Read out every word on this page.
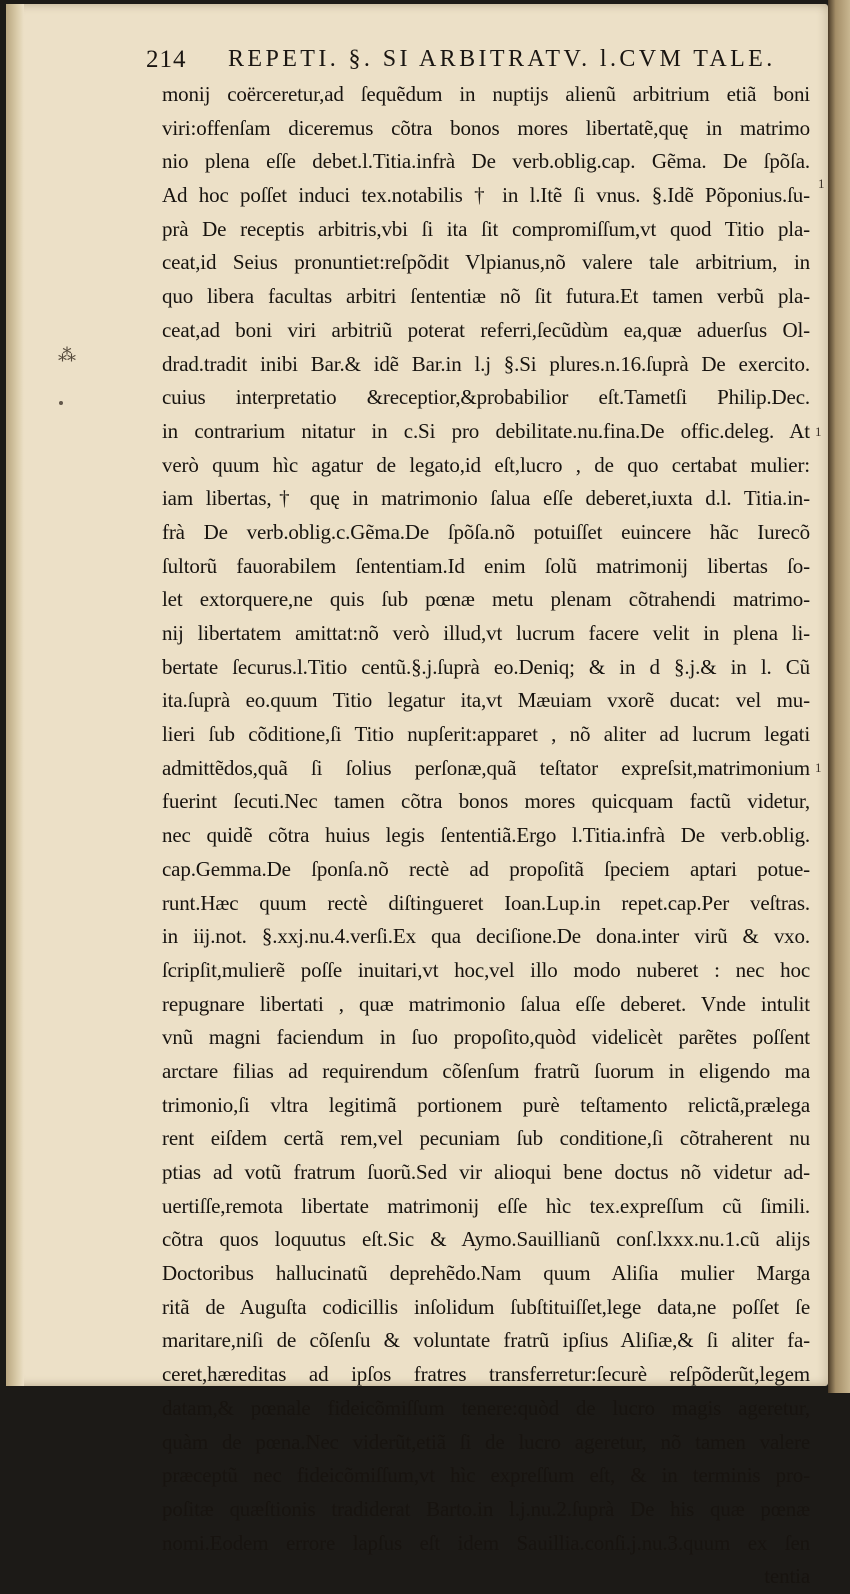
214 REPETI. §. SI ARBITRATV. l.CVM TALE.
monij coërceretur,ad ſequẽdum in nuptijs alienũ arbitrium etiã boni
viri:offenſam diceremus cõtra bonos mores libertatẽ,quę in matrimo
nio plena eſſe debet.l.Titia.infrà De verb.oblig.cap. Gẽma. De ſpõſa.
Ad hoc poſſet induci tex.notabilis † in l.Itẽ ſi vnus. §.Idẽ Põponius.ſu-
prà De receptis arbitris,vbi ſi ita ſit compromiſſum,vt quod Titio pla-
ceat,id Seius pronuntiet:reſpõdit Vlpianus,nõ valere tale arbitrium, in
quo libera facultas arbitri ſententiæ nõ ſit futura.Et tamen verbũ pla-
ceat,ad boni viri arbitriũ poterat referri,ſecũdùm ea,quæ aduerſus Ol-
drad.tradit inibi Bar.& idẽ Bar.in l.j §.Si plures.n.16.ſuprà De exercito.
cuius interpretatio &receptior,&probabilior eſt.Tametſi Philip.Dec.
in contrarium nitatur in c.Si pro debilitate.nu.fina.De offic.deleg. At
verò quum hìc agatur de legato,id eſt,lucro , de quo certabat mulier:
iam libertas,† quę in matrimonio ſalua eſſe deberet,iuxta d.l. Titia.in-
frà De verb.oblig.c.Gẽma.De ſpõſa.nõ potuiſſet euincere hãc Iurecõ
ſultorũ fauorabilem ſententiam.Id enim ſolũ matrimonij libertas ſo-
let extorquere,ne quis ſub pœnæ metu plenam cõtrahendi matrimo-
nij libertatem amittat:nõ verò illud,vt lucrum facere velit in plena li-
bertate ſecurus.l.Titio centũ.§.j.ſuprà eo.Deniq; & in d §.j.& in l. Cũ
ita.ſuprà eo.quum Titio legatur ita,vt Mæuiam vxorẽ ducat: vel mu-
lieri ſub cõditione,ſi Titio nupſerit:apparet , nõ aliter ad lucrum legati
admittẽdos,quã ſi ſolius perſonæ,quã teſtator expreſsit,matrimonium
fuerint ſecuti.Nec tamen cõtra bonos mores quicquam factũ videtur,
nec quidẽ cõtra huius legis ſententiã.Ergo l.Titia.infrà De verb.oblig.
cap.Gemma.De ſponſa.nõ rectè ad propoſitã ſpeciem aptari potue-
runt.Hæc quum rectè diſtingueret Ioan.Lup.in repet.cap.Per veſtras.
in iij.not. §.xxj.nu.4.verſi.Ex qua deciſione.De dona.inter virũ & vxo.
ſcripſit,mulierẽ poſſe inuitari,vt hoc,vel illo modo nuberet : nec hoc
repugnare libertati , quæ matrimonio ſalua eſſe deberet. Vnde intulit
vnũ magni faciendum in ſuo propoſito,quòd videlicèt parẽtes poſſent
arctare filias ad requirendum cõſenſum fratrũ ſuorum in eligendo ma
trimonio,ſi vltra legitimã portionem purè teſtamento relictã,prælega
rent eiſdem certã rem,vel pecuniam ſub conditione,ſi cõtraherent nu
ptias ad votũ fratrum ſuorũ.Sed vir alioqui bene doctus nõ videtur ad-
uertiſſe,remota libertate matrimonij eſſe hìc tex.expreſſum cũ ſimili.
cõtra quos loquutus eſt.Sic & Aymo.Sauillianũ conſ.lxxx.nu.1.cũ alijs
Doctoribus hallucinatũ deprehẽdo.Nam quum Aliſia mulier Marga
ritã de Auguſta codicillis inſolidum ſubſtituiſſet,lege data,ne poſſet ſe
maritare,niſi de cõſenſu & voluntate fratrũ ipſius Aliſiæ,& ſi aliter fa-
ceret,hæreditas ad ipſos fratres transferretur:ſecurè reſpõderũt,legem
datam,& pœnale fideicõmiſſum tenere:quòd de lucro magis ageretur,
quàm de pœna.Nec viderũt,etiã ſi de lucro ageretur, nõ tamen valere
præceptũ nec fideicõmiſſum,vt hìc expreſſum eſt, & in terminis pro-
poſitæ quæſtionis tradiderat Barto.in l.j.nu.2.ſuprà De his quæ pœnæ
nomi.Eodem errore lapſus eſt idem Sauillia.conſi.j.nu.3.quum ex ſen
tentia
1
1
1
⁂
